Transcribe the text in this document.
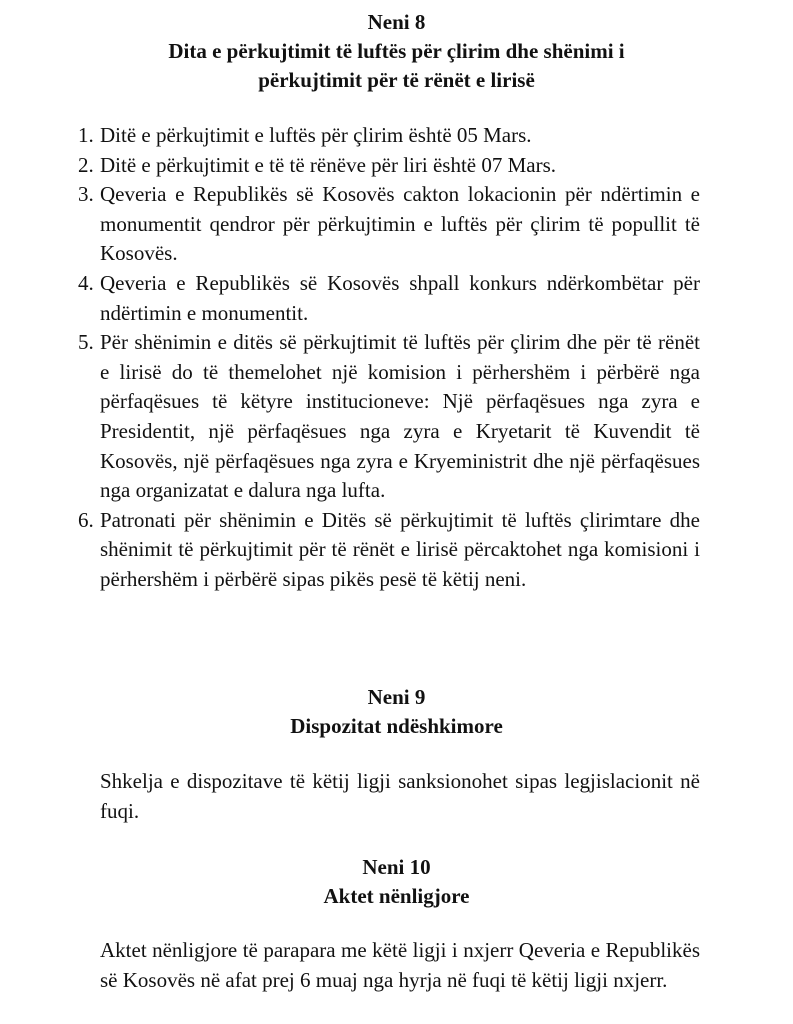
Neni 8
Dita e përkujtimit të luftës për çlirim dhe shënimi i
përkujtimit për të rënët e lirisë
1. Ditë e përkujtimit e luftës për çlirim është 05 Mars.
2. Ditë e përkujtimit e të të rënëve për liri është 07 Mars.
3. Qeveria e Republikës së Kosovës cakton lokacionin për ndërtimin e monumentit qendror për përkujtimin e luftës për çlirim të popullit të Kosovës.
4. Qeveria e Republikës së Kosovës shpall konkurs ndërkombëtar për ndërtimin e monumentit.
5. Për shënimin e ditës së përkujtimit të luftës për çlirim dhe për të rënët e lirisë do të themelohet një komision i përhershëm i përbërë nga përfaqësues të këtyre institucioneve: Një përfaqësues nga zyra e Presidentit, një përfaqësues nga zyra e Kryetarit të Kuvendit të Kosovës, një përfaqësues nga zyra e Kryeministrit dhe një përfaqësues nga organizatat e dalura nga lufta.
6. Patronati për shënimin e Ditës së përkujtimit të luftës çlirimtare dhe shënimit të përkujtimit për të rënët e lirisë përcaktohet nga komisioni i përhershëm i përbërë sipas pikës pesë të këtij neni.
Neni 9
Dispozitat ndëshkimore

Shkelja e dispozitave të këtij ligji sanksionohet sipas legjislacionit në fuqi.

Neni 10
Aktet nënligjore

Aktet nënligjore të parapara me këtë ligji i nxjerr Qeveria e Republikës së Kosovës në afat prej 6 muaj nga hyrja në fuqi të këtij ligji nxjerr.
